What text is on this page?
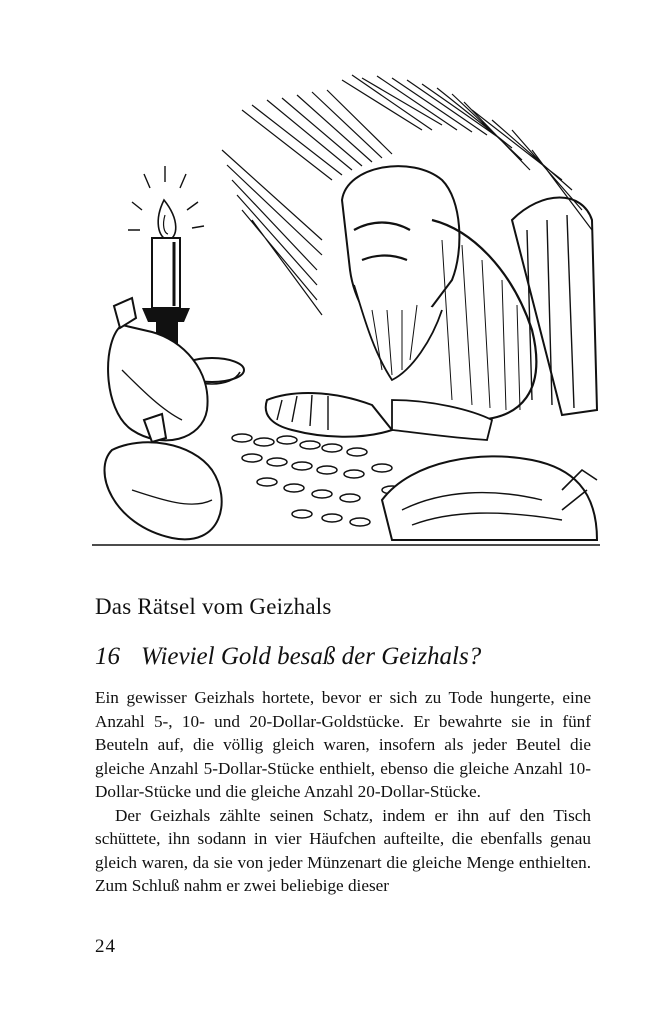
Das Rätsel vom Geizhals
16 Wieviel Gold besaß der Geizhals?

Ein gewisser Geizhals hortete, bevor er sich zu Tode hungerte, eine Anzahl 5-, 10- und 20-Dollar-Goldstücke. Er bewahrte sie in fünf Beuteln auf, die völlig gleich waren, insofern als jeder Beutel die gleiche Anzahl 5-Dollar-Stücke enthielt, ebenso die gleiche Anzahl 10-Dollar-Stücke und die gleiche Anzahl 20-Dollar-Stücke.

Der Geizhals zählte seinen Schatz, indem er ihn auf den Tisch schüttete, ihn sodann in vier Häufchen aufteilte, die ebenfalls genau gleich waren, da sie von jeder Münzenart die gleiche Menge enthielten. Zum Schluß nahm er zwei beliebige dieser

24
